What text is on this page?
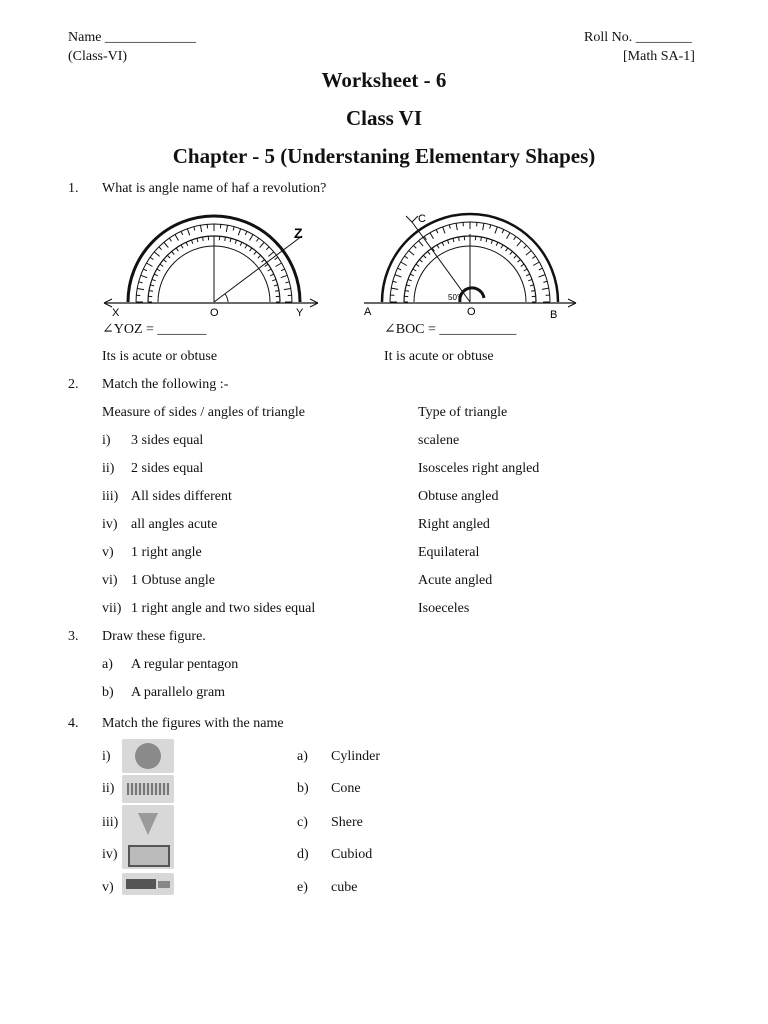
Name _____________	Roll No. ________
(Class-VI)	[Math SA-1]
Worksheet - 6
Class VI
Chapter - 5 (Understaning Elementary Shapes)
1. What is angle name of haf a revolution?
X	O	Y
Z
A	O	B
C
50°
∠YOZ = _______	∠BOC = ___________
Its is acute or obtuse	It is acute or obtuse
2. Match the following :-
Measure of sides / angles of triangle	Type of triangle
i) 3 sides equal	scalene
ii) 2 sides equal	Isosceles right angled
iii) All sides different	Obtuse angled
iv) all angles acute	Right angled
v) 1 right angle	Equilateral
vi) 1 Obtuse angle	Acute angled
vii) 1 right angle and two sides equal	Isoeceles
3. Draw these figure.
a) A regular pentagon
b) A parallelo gram
4. Match the figures with the name
i)	a) Cylinder
ii)	b) Cone
iii)	c) Shere
iv)	d) Cubiod
v)	e) cube
